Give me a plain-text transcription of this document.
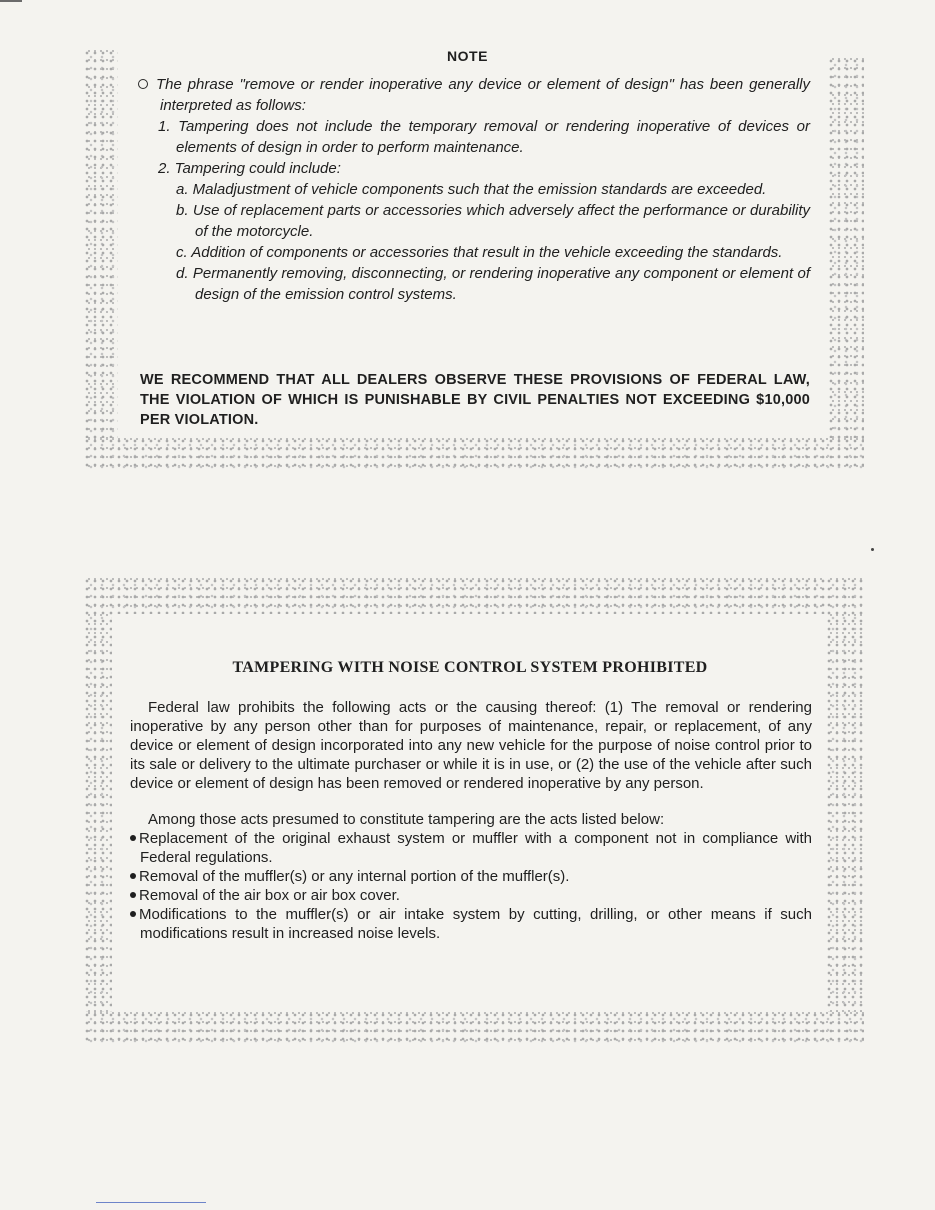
NOTE

The phrase "remove or render inoperative any device or element of design" has been generally interpreted as follows:

1. Tampering does not include the temporary removal or rendering inoperative of devices or elements of design in order to perform maintenance.

2. Tampering could include:

a. Maladjustment of vehicle components such that the emission standards are exceeded.

b. Use of replacement parts or accessories which adversely affect the performance or durability of the motorcycle.

c. Addition of components or accessories that result in the vehicle exceeding the standards.

d. Permanently removing, disconnecting, or rendering inoperative any component or element of design of the emission control systems.

WE RECOMMEND THAT ALL DEALERS OBSERVE THESE PROVISIONS OF FEDERAL LAW, THE VIOLATION OF WHICH IS PUNISHABLE BY CIVIL PENALTIES NOT EXCEEDING $10,000 PER VIOLATION.

TAMPERING WITH NOISE CONTROL SYSTEM PROHIBITED

Federal law prohibits the following acts or the causing thereof: (1) The removal or rendering inoperative by any person other than for purposes of maintenance, repair, or replacement, of any device or element of design incorporated into any new vehicle for the purpose of noise control prior to its sale or delivery to the ultimate purchaser or while it is in use, or (2) the use of the vehicle after such device or element of design has been removed or rendered inoperative by any person.

Among those acts presumed to constitute tampering are the acts listed below:

Replacement of the original exhaust system or muffler with a component not in compliance with Federal regulations.

Removal of the muffler(s) or any internal portion of the muffler(s).

Removal of the air box or air box cover.

Modifications to the muffler(s) or air intake system by cutting, drilling, or other means if such modifications result in increased noise levels.
